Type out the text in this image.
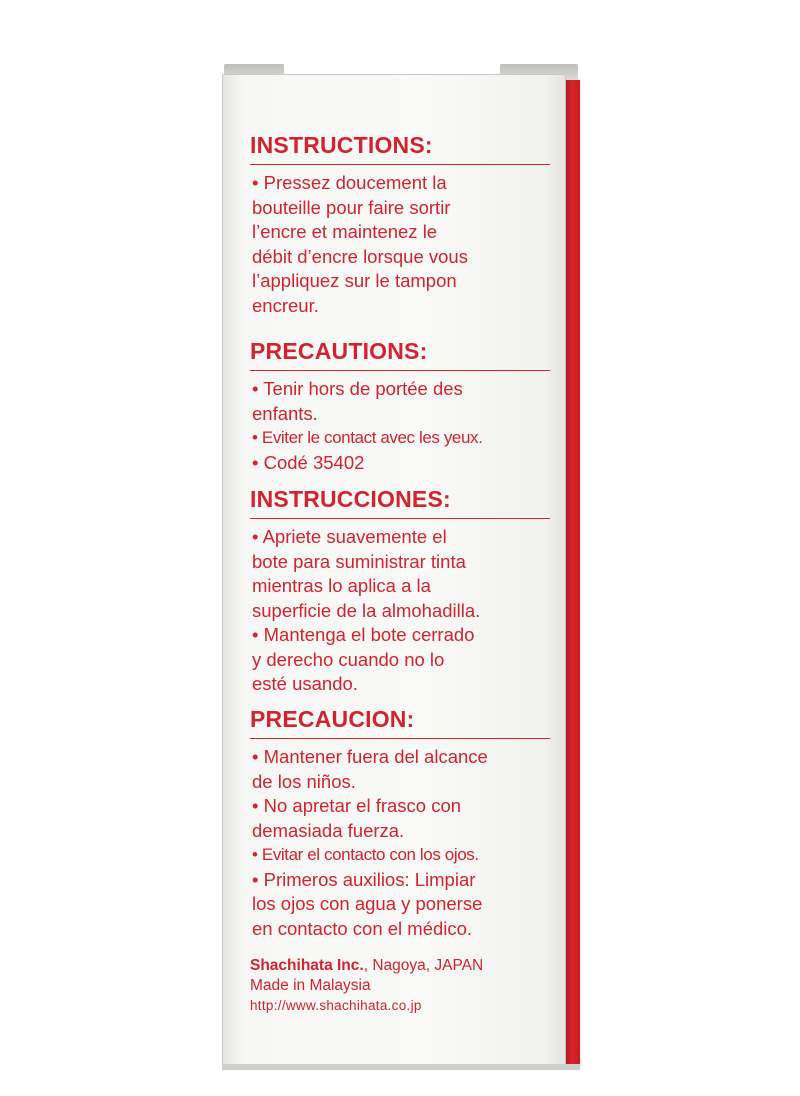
INSTRUCTIONS:
• Pressez doucement la
bouteille pour faire sortir
l’encre et maintenez le
débit d’encre lorsque vous
l’appliquez sur le tampon
encreur.
PRECAUTIONS:
• Tenir hors de portée des
enfants.
• Eviter le contact avec les yeux.
• Codé 35402
INSTRUCCIONES:
• Apriete suavemente el
bote para suministrar tinta
mientras lo aplica a la
superficie de la almohadilla.
• Mantenga el bote cerrado
y derecho cuando no lo
esté usando.
PRECAUCION:
• Mantener fuera del alcance
de los niños.
• No apretar el frasco con
demasiada fuerza.
• Evitar el contacto con los ojos.
• Primeros auxilios: Limpiar
los ojos con agua y ponerse
en contacto con el médico.
Shachihata Inc., Nagoya, JAPAN
Made in Malaysia
http://www.shachihata.co.jp
